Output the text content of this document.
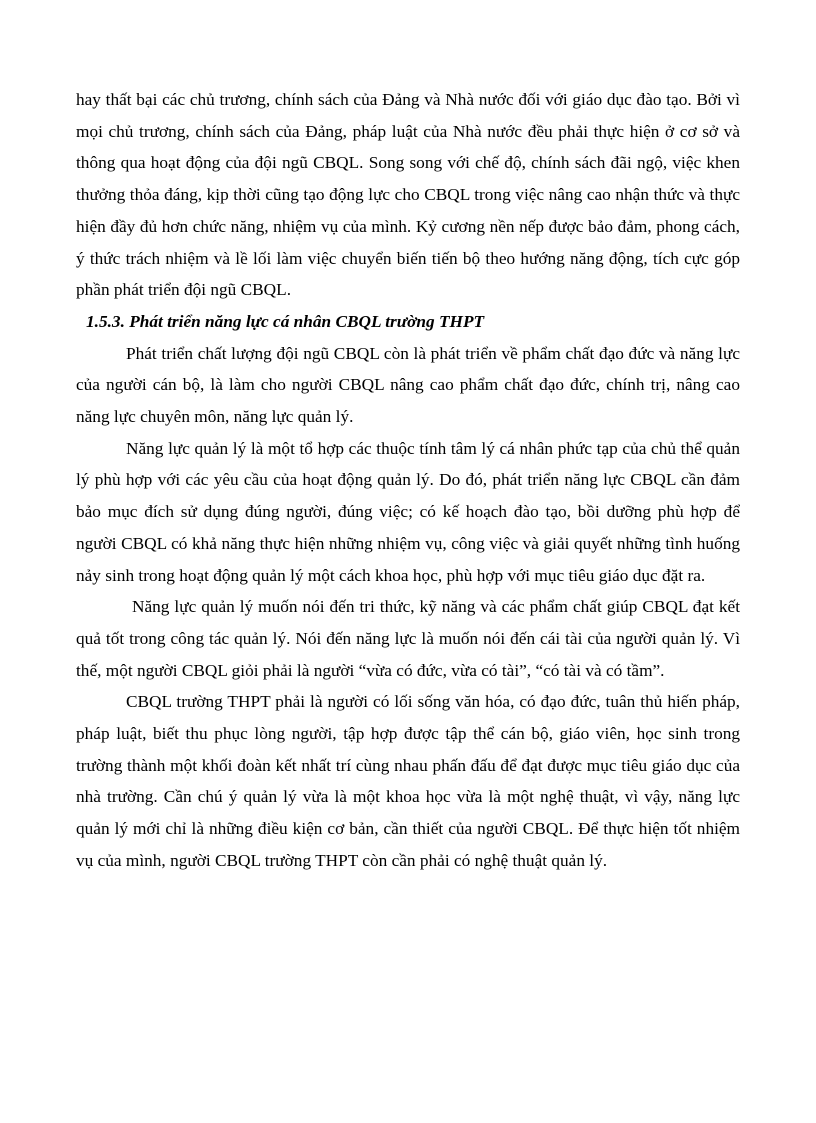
hay thất bại các chủ trương, chính sách của Đảng và Nhà nước đối với giáo dục đào tạo. Bởi vì mọi chủ trương, chính sách của Đảng, pháp luật của Nhà nước đều phải thực hiện ở cơ sở và thông qua hoạt động của đội ngũ CBQL. Song song với chế độ, chính sách đãi ngộ, việc khen thưởng thỏa đáng, kịp thời cũng tạo động lực cho CBQL trong việc nâng cao nhận thức và thực hiện đầy đủ hơn chức năng, nhiệm vụ của mình. Kỷ cương nền nếp được bảo đảm, phong cách, ý thức trách nhiệm và lề lối làm việc chuyển biến tiến bộ theo hướng năng động, tích cực góp phần phát triển đội ngũ CBQL.

1.5.3. Phát triển năng lực cá nhân CBQL trường THPT

Phát triển chất lượng đội ngũ CBQL còn là phát triển về phẩm chất đạo đức và năng lực của người cán bộ, là làm cho người CBQL nâng cao phẩm chất đạo đức, chính trị, nâng cao năng lực chuyên môn, năng lực quản lý.

Năng lực quản lý là một tổ hợp các thuộc tính tâm lý cá nhân phức tạp của chủ thể quản lý phù hợp với các yêu cầu của hoạt động quản lý. Do đó, phát triển năng lực CBQL cần đảm bảo mục đích sử dụng đúng người, đúng việc; có kế hoạch đào tạo, bồi dưỡng phù hợp để người CBQL có khả năng thực hiện những nhiệm vụ, công việc và giải quyết những tình huống nảy sinh trong hoạt động quản lý một cách khoa học, phù hợp với mục tiêu giáo dục đặt ra.

Năng lực quản lý muốn nói đến tri thức, kỹ năng và các phẩm chất giúp CBQL đạt kết quả tốt trong công tác quản lý. Nói đến năng lực là muốn nói đến cái tài của người quản lý. Vì thế, một người CBQL giỏi phải là người “vừa có đức, vừa có tài”, “có tài và có tầm”.

CBQL trường THPT phải là người có lối sống văn hóa, có đạo đức, tuân thủ hiến pháp, pháp luật, biết thu phục lòng người, tập hợp được tập thể cán bộ, giáo viên, học sinh trong trường thành một khối đoàn kết nhất trí cùng nhau phấn đấu để đạt được mục tiêu giáo dục của nhà trường. Cần chú ý quản lý vừa là một khoa học vừa là một nghệ thuật, vì vậy, năng lực quản lý mới chỉ là những điều kiện cơ bản, cần thiết của người CBQL. Để thực hiện tốt nhiệm vụ của mình, người CBQL trường THPT còn cần phải có nghệ thuật quản lý.
